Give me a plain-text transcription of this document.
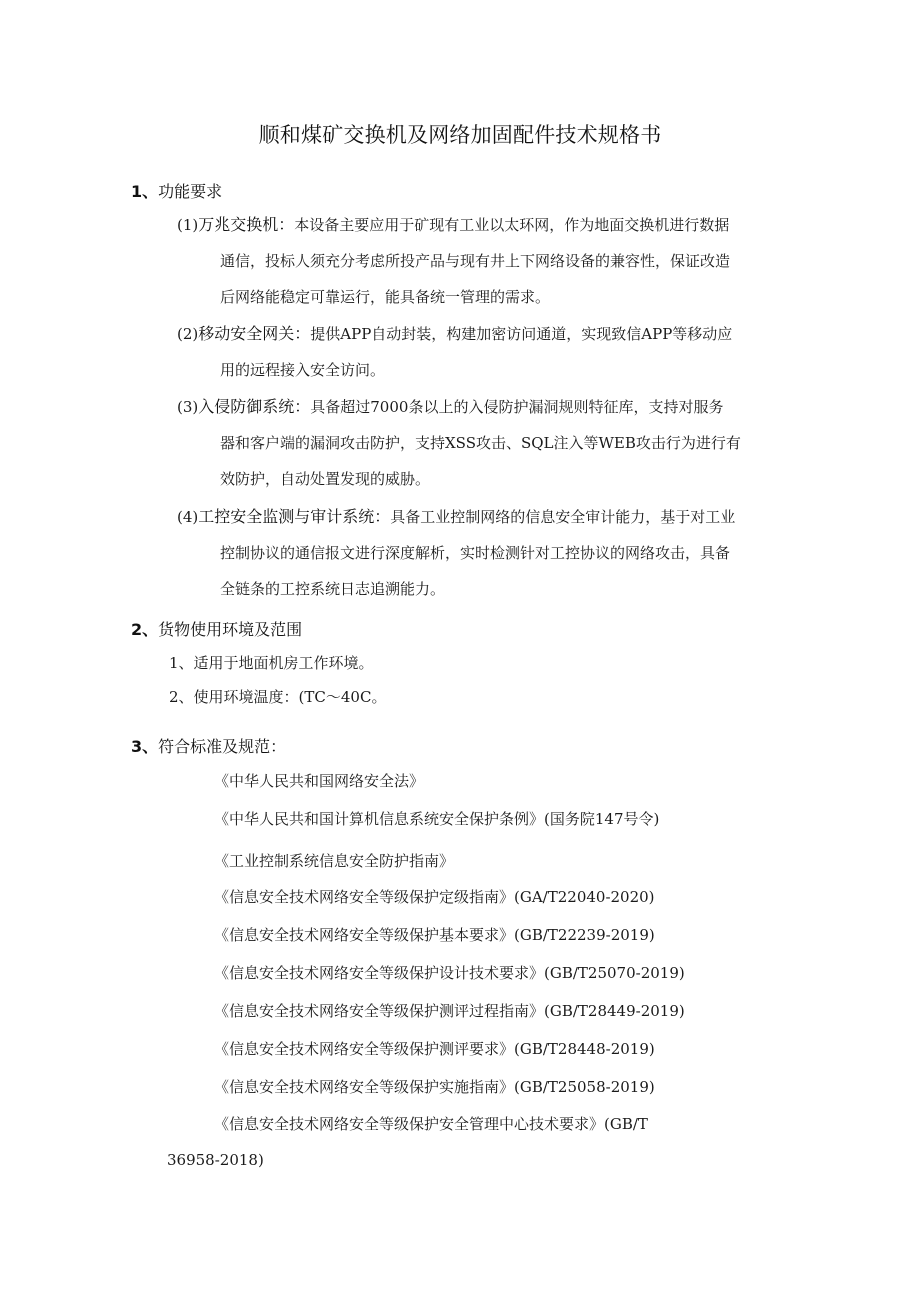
顺和煤矿交换机及网络加固配件技术规格书
1、功能要求
(1)万兆交换机：本设备主要应用于矿现有工业以太环网，作为地面交换机进行数据
通信，投标人须充分考虑所投产品与现有井上下网络设备的兼容性，保证改造
后网络能稳定可靠运行，能具备统一管理的需求。
(2)移动安全网关：提供APP自动封装，构建加密访问通道，实现致信APP等移动应
用的远程接入安全访问。
(3)入侵防御系统：具备超过7000条以上的入侵防护漏洞规则特征库，支持对服务
器和客户端的漏洞攻击防护，支持XSS攻击、SQL注入等WEB攻击行为进行有
效防护，自动处置发现的威胁。
(4)工控安全监测与审计系统：具备工业控制网络的信息安全审计能力，基于对工业
控制协议的通信报文进行深度解析，实时检测针对工控协议的网络攻击，具备
全链条的工控系统日志追溯能力。
2、货物使用环境及范围
1、适用于地面机房工作环境。
2、使用环境温度：(TC～40C。
3、符合标准及规范：
《中华人民共和国网络安全法》
《中华人民共和国计算机信息系统安全保护条例》(国务院147号令)
《工业控制系统信息安全防护指南》
《信息安全技术网络安全等级保护定级指南》(GA/T22040-2020)
《信息安全技术网络安全等级保护基本要求》(GB/T22239-2019)
《信息安全技术网络安全等级保护设计技术要求》(GB/T25070-2019)
《信息安全技术网络安全等级保护测评过程指南》(GB/T28449-2019)
《信息安全技术网络安全等级保护测评要求》(GB/T28448-2019)
《信息安全技术网络安全等级保护实施指南》(GB/T25058-2019)
《信息安全技术网络安全等级保护安全管理中心技术要求》(GB/T
36958-2018)
